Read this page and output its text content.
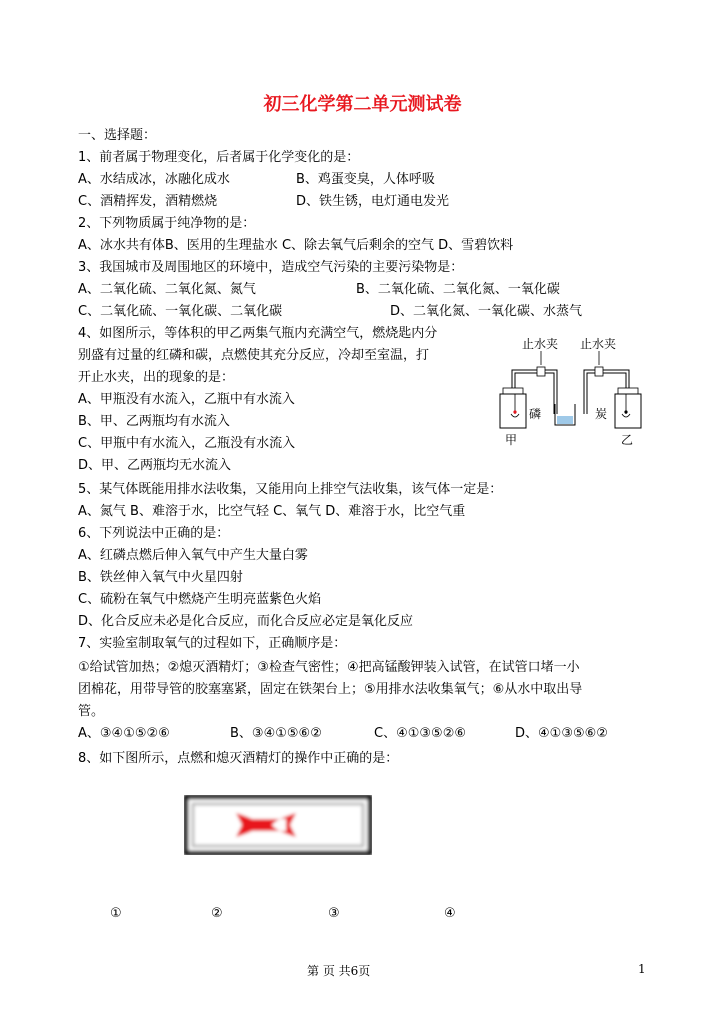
初三化学第二单元测试卷
一、选择题：
1、前者属于物理变化，后者属于化学变化的是：
A、水结成冰，冰融化成水	B、鸡蛋变臭，人体呼吸
C、酒精挥发，酒精燃烧	D、铁生锈，电灯通电发光
2、下列物质属于纯净物的是：
A、冰水共有体B、医用的生理盐水 C、除去氧气后剩余的空气 D、雪碧饮料
3、我国城市及周围地区的环境中，造成空气污染的主要污染物是：
A、二氧化硫、二氧化氮、氮气	B、二氧化硫、二氧化氮、一氧化碳
C、二氧化硫、一氧化碳、二氧化碳	D、二氧化氮、一氧化碳、水蒸气
4、如图所示，等体积的甲乙两集气瓶内充满空气，燃烧匙内分
别盛有过量的红磷和碳，点燃使其充分反应，冷却至室温，打
开止水夹，出的现象的是：
A、甲瓶没有水流入，乙瓶中有水流入
B、甲、乙两瓶均有水流入
C、甲瓶中有水流入，乙瓶没有水流入
D、甲、乙两瓶均无水流入
止水夹 止水夹
磷
甲
炭
乙
5、某气体既能用排水法收集，又能用向上排空气法收集，该气体一定是：
A、氮气 B、难溶于水，比空气轻 C、氧气 D、难溶于水，比空气重
6、下列说法中正确的是：
A、红磷点燃后伸入氧气中产生大量白雾
B、铁丝伸入氧气中火星四射
C、硫粉在氧气中燃烧产生明亮蓝紫色火焰
D、化合反应未必是化合反应，而化合反应必定是氧化反应
7、实验室制取氧气的过程如下，正确顺序是：
①给试管加热；②熄灭酒精灯；③检查气密性；④把高锰酸钾装入试管，在试管口堵一小
团棉花，用带导管的胶塞塞紧，固定在铁架台上；⑤用排水法收集氧气；⑥从水中取出导
管。
A、③④①⑤②⑥	B、③④①⑤⑥②	C、④①③⑤②⑥	D、④①③⑤⑥②
8、如下图所示，点燃和熄灭酒精灯的操作中正确的是：
①	②	③	④
第 页 共6页	1
